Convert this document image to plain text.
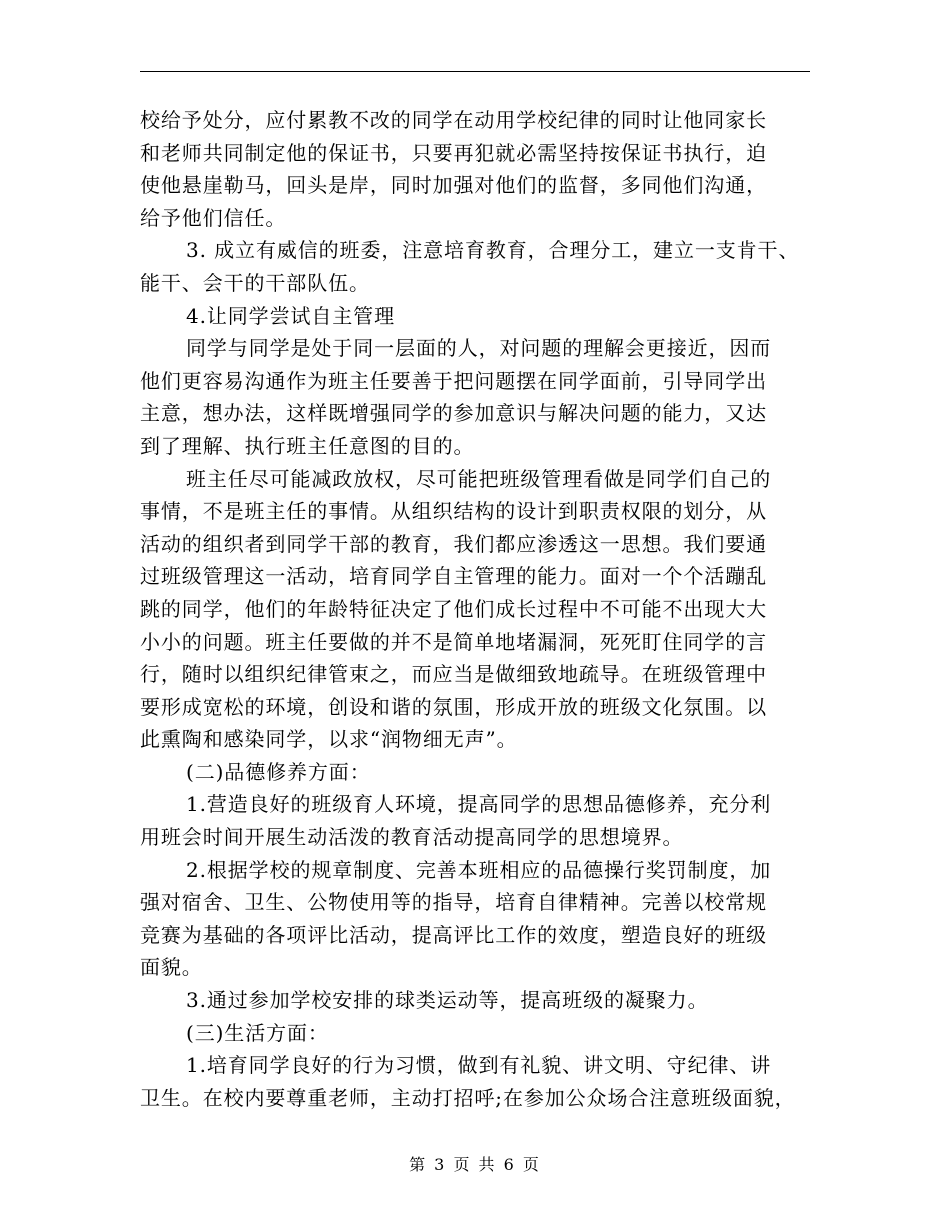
校给予处分，应付累教不改的同学在动用学校纪律的同时让他同家长
和老师共同制定他的保证书，只要再犯就必需坚持按保证书执行，迫
使他悬崖勒马，回头是岸，同时加强对他们的监督，多同他们沟通，
给予他们信任。
3. 成立有威信的班委，注意培育教育，合理分工，建立一支肯干、
能干、会干的干部队伍。
4.让同学尝试自主管理
同学与同学是处于同一层面的人，对问题的理解会更接近，因而
他们更容易沟通作为班主任要善于把问题摆在同学面前，引导同学出
主意，想办法，这样既增强同学的参加意识与解决问题的能力，又达
到了理解、执行班主任意图的目的。
班主任尽可能减政放权，尽可能把班级管理看做是同学们自己的
事情，不是班主任的事情。从组织结构的设计到职责权限的划分，从
活动的组织者到同学干部的教育，我们都应渗透这一思想。我们要通
过班级管理这一活动，培育同学自主管理的能力。面对一个个活蹦乱
跳的同学，他们的年龄特征决定了他们成长过程中不可能不出现大大
小小的问题。班主任要做的并不是简单地堵漏洞，死死盯住同学的言
行，随时以组织纪律管束之，而应当是做细致地疏导。在班级管理中
要形成宽松的环境，创设和谐的氛围，形成开放的班级文化氛围。以
此熏陶和感染同学，以求“润物细无声”。
(二)品德修养方面：
1.营造良好的班级育人环境，提高同学的思想品德修养，充分利
用班会时间开展生动活泼的教育活动提高同学的思想境界。
2.根据学校的规章制度、完善本班相应的品德操行奖罚制度，加
强对宿舍、卫生、公物使用等的指导，培育自律精神。完善以校常规
竞赛为基础的各项评比活动，提高评比工作的效度，塑造良好的班级
面貌。
3.通过参加学校安排的球类运动等，提高班级的凝聚力。
(三)生活方面：
1.培育同学良好的行为习惯，做到有礼貌、讲文明、守纪律、讲
卫生。在校内要尊重老师，主动打招呼;在参加公众场合注意班级面貌，
第 3 页 共 6 页
